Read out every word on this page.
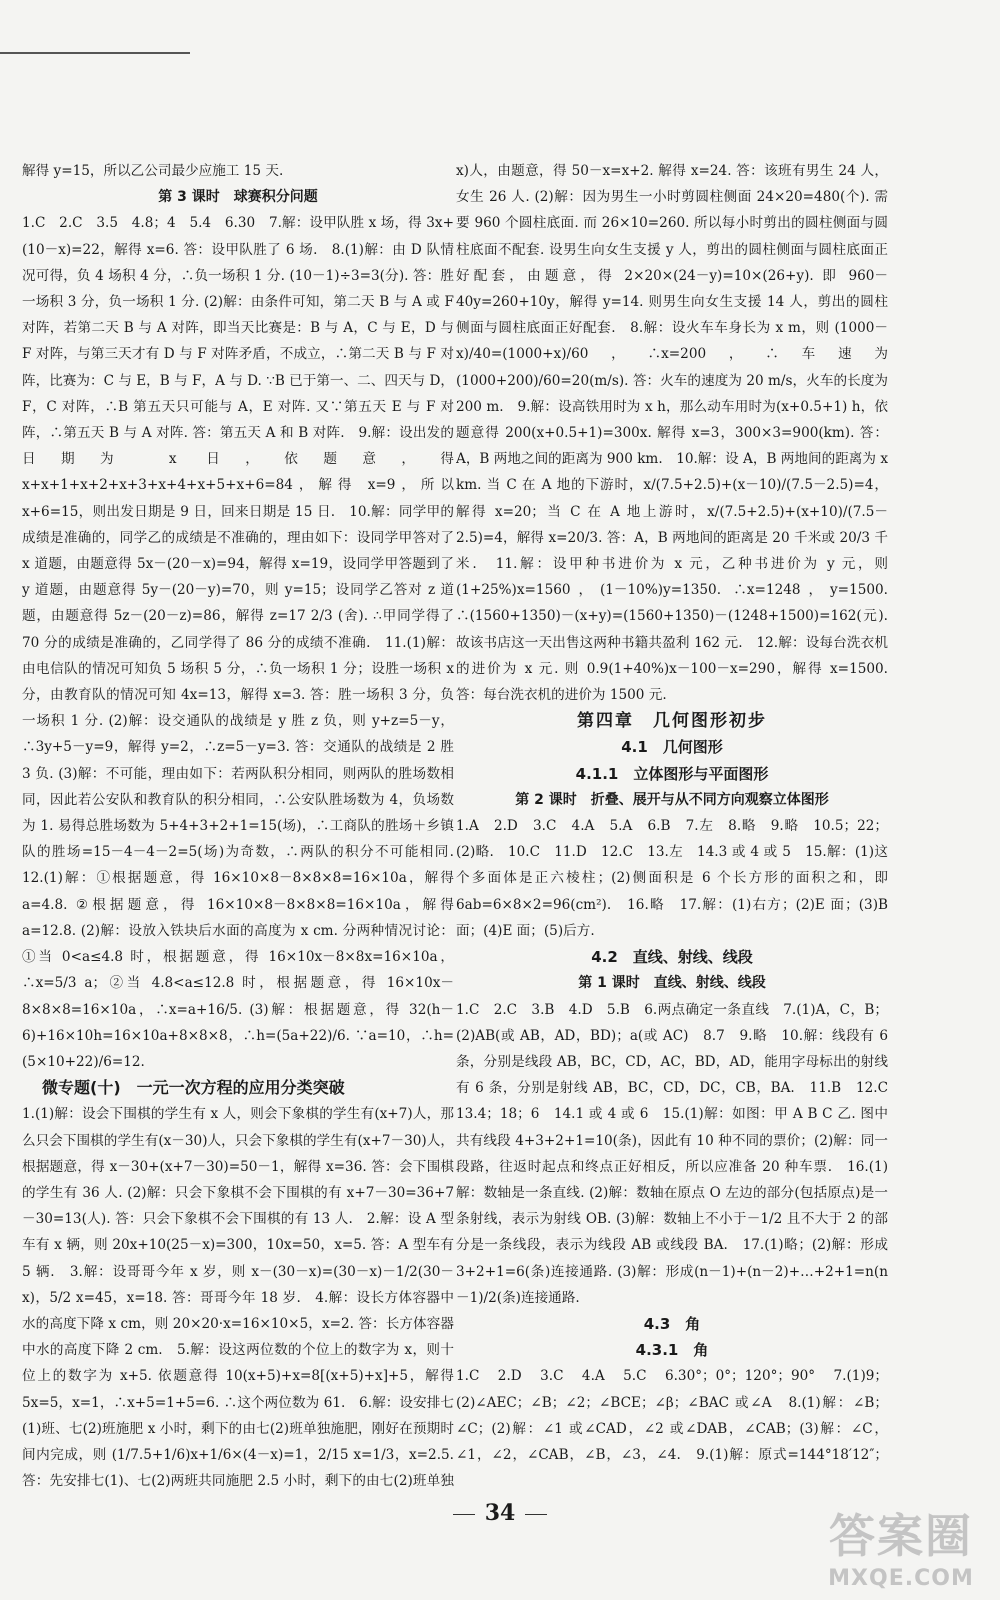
解得 y=15，所以乙公司最少应施工 15 天.

第 3 课时　球赛积分问题

1.C　2.C　3.5　4.8；4　5.4　6.30　7.解：设甲队胜 x 场，得 3x+(10－x)=22，解得 x=6. 答：设甲队胜了 6 场.　8.(1)解：由 D 队情况可得，负 4 场积 4 分，∴负一场积 1 分. (10－1)÷3=3(分). 答：胜一场积 3 分，负一场积 1 分. (2)解：由条件可知，第二天 B 与 A 或 F 对阵，若第二天 B 与 A 对阵，即当天比赛是：B 与 A，C 与 E，D 与 F 对阵，与第三天才有 D 与 F 对阵矛盾，不成立，∴第二天 B 与 F 对阵，比赛为：C 与 E，B 与 F，A 与 D. ∵B 已于第一、二、四天与 D，F，C 对阵，∴B 第五天只可能与 A，E 对阵. 又∵第五天 E 与 F 对阵，∴第五天 B 与 A 对阵. 答：第五天 A 和 B 对阵.　9.解：设出发的日期为 x 日，依题意，得 x+x+1+x+2+x+3+x+4+x+5+x+6=84，解得 x=9，所以 x+6=15，则出发日期是 9 日，回来日期是 15 日.　10.解：同学甲的成绩是准确的，同学乙的成绩是不准确的，理由如下：设同学甲答对了 x 道题，由题意得 5x－(20－x)=94，解得 x=19，设同学甲答题到了 y 道题，由题意得 5y－(20－y)=70，则 y=15；设同学乙答对 z 道题，由题意得 5z－(20－z)=86，解得 z=17 2/3 (舍). ∴甲同学得了 70 分的成绩是准确的，乙同学得了 86 分的成绩不准确.　11.(1)解：由电信队的情况可知负 5 场积 5 分，∴负一场积 1 分；设胜一场积 x 分，由教育队的情况可知 4x=13，解得 x=3. 答：胜一场积 3 分，负一场积 1 分. (2)解：设交通队的战绩是 y 胜 z 负，则 y+z=5－y，∴3y+5－y=9，解得 y=2，∴z=5－y=3. 答：交通队的战绩是 2 胜 3 负. (3)解：不可能，理由如下：若两队积分相同，则两队的胜场数相同，因此若公安队和教育队的积分相同，∴公安队胜场数为 4，负场数为 1. 易得总胜场数为 5+4+3+2+1=15(场)，∴工商队的胜场＋乡镇队的胜场=15－4－4－2=5(场)为奇数，∴两队的积分不可能相同.　12.(1)解：①根据题意，得 16×10×8－8×8×8=16×10a，解得 a=4.8. ②根据题意，得 16×10×8－8×8×8=16×10a，解得 a=12.8. (2)解：设放入铁块后水面的高度为 x cm. 分两种情况讨论：①当 0<a≤4.8 时，根据题意，得 16×10x－8×8x=16×10a，∴x=5/3 a；②当 4.8<a≤12.8 时，根据题意，得 16×10x－8×8×8=16×10a，∴x=a+16/5. (3)解：根据题意，得 32(h－6)+16×10h=16×10a+8×8×8，∴h=(5a+22)/6. ∵a=10，∴h=(5×10+22)/6=12.

微专题(十)　一元一次方程的应用分类突破

1.(1)解：设会下围棋的学生有 x 人，则会下象棋的学生有(x+7)人，那么只会下围棋的学生有(x－30)人，只会下象棋的学生有(x+7－30)人，根据题意，得 x－30+(x+7－30)=50－1，解得 x=36. 答：会下围棋的学生有 36 人. (2)解：只会下象棋不会下围棋的有 x+7－30=36+7－30=13(人). 答：只会下象棋不会下围棋的有 13 人.　2.解：设 A 型车有 x 辆，则 20x+10(25－x)=300，10x=50，x=5. 答：A 型车有 5 辆.　3.解：设哥哥今年 x 岁，则 x－(30－x)=(30－x)－1/2(30－x)，5/2 x=45，x=18. 答：哥哥今年 18 岁.　4.解：设长方体容器中水的高度下降 x cm，则 20×20·x=16×10×5，x=2. 答：长方体容器中水的高度下降 2 cm.　5.解：设这两位数的个位上的数字为 x，则十位上的数字为 x+5. 依题意得 10(x+5)+x=8[(x+5)+x]+5，解得 5x=5，x=1，∴x+5=1+5=6. ∴这个两位数为 61.　6.解：设安排七(1)班、七(2)班施肥 x 小时，剩下的由七(2)班单独施肥，刚好在预期时间内完成，则 (1/7.5+1/6)x+1/6×(4－x)=1，2/15 x=1/3，x=2.5. 答：先安排七(1)、七(2)两班共同施肥 2.5 小时，剩下的由七(2)班单独 　

x)人，由题意，得 50－x=x+2. 解得 x=24. 答：该班有男生 24 人，女生 26 人. (2)解：因为男生一小时剪圆柱侧面 24×20=480(个). 需要 960 个圆柱底面. 而 26×10=260. 所以每小时剪出的圆柱侧面与圆柱底面不配套. 设男生向女生支援 y 人，剪出的圆柱侧面与圆柱底面正好配套，由题意，得 2×20×(24－y)=10×(26+y). 即 960－40y=260+10y，解得 y=14. 则男生向女生支援 14 人，剪出的圆柱侧面与圆柱底面正好配套.　8.解：设火车车身长为 x m，则 (1000－x)/40=(1000+x)/60，∴x=200，∴车速为 (1000+200)/60=20(m/s). 答：火车的速度为 20 m/s，火车的长度为 200 m.　9.解：设高铁用时为 x h，那么动车用时为(x+0.5+1) h，依题意得 200(x+0.5+1)=300x. 解得 x=3，300×3=900(km). 答：A，B 两地之间的距离为 900 km.　10.解：设 A，B 两地间的距离为 x km. 当 C 在 A 地的下游时，x/(7.5+2.5)+(x－10)/(7.5－2.5)=4，解得 x=20；当 C 在 A 地上游时，x/(7.5+2.5)+(x+10)/(7.5－2.5)=4，解得 x=20/3. 答：A，B 两地间的距离是 20 千米或 20/3 千米.　11.解：设甲种书进价为 x 元，乙种书进价为 y 元，则(1+25%)x=1560，(1－10%)y=1350. ∴x=1248，y=1500. ∴(1560+1350)－(x+y)=(1560+1350)－(1248+1500)=162(元). 故该书店这一天出售这两种书籍共盈利 162 元.　12.解：设每台洗衣机的进价为 x 元. 则 0.9(1+40%)x－100－x=290，解得 x=1500. 答：每台洗衣机的进价为 1500 元.

第四章　几何图形初步

4.1　几何图形

4.1.1　立体图形与平面图形

第 2 课时　折叠、展开与从不同方向观察立体图形

1.A　2.D　3.C　4.A　5.A　6.B　7.左　8.略　9.略　10.5；22；(2)略.　10.C　11.D　12.C　13.左　14.3 或 4 或 5　15.解：(1)这个多面体是正六棱柱；(2)侧面积是 6 个长方形的面积之和，即 6ab=6×8×2=96(cm²).　16.略　17.解：(1)右方；(2)E 面；(3)B 面；(4)E 面；(5)后方.

4.2　直线、射线、线段

第 1 课时　直线、射线、线段

1.C　2.C　3.B　4.D　5.B　6.两点确定一条直线　7.(1)A，C，B；(2)AB(或 AB，AD，BD)；a(或 AC)　8.7　9.略　10.解：线段有 6 条，分别是线段 AB，BC，CD，AC，BD，AD，能用字母标出的射线有 6 条，分别是射线 AB，BC，CD，DC，CB，BA.　11.B　12.C　13.4；18；6　14.1 或 4 或 6　15.(1)解：如图：甲 A B C 乙. 图中共有线段 4+3+2+1=10(条)，因此有 10 种不同的票价；(2)解：同一段路，往返时起点和终点正好相反，所以应准备 20 种车票.　16.(1)解：数轴是一条直线. (2)解：数轴在原点 O 左边的部分(包括原点)是一条射线，表示为射线 OB. (3)解：数轴上不小于－1/2 且不大于 2 的部分是一条线段，表示为线段 AB 或线段 BA.　17.(1)略；(2)解：形成 3+2+1=6(条)连接通路. (3)解：形成(n－1)+(n－2)+…+2+1=n(n－1)/2(条)连接通路.

4.3　角

4.3.1　角

1.C　2.D　3.C　4.A　5.C　6.30°；0°；120°；90°　7.(1)9；(2)∠AEC；∠B；∠2；∠BCE；∠β；∠BAC 或∠A　8.(1)解：∠B；∠C；(2)解：∠1 或∠CAD，∠2 或∠DAB，∠CAB；(3)解：∠C，∠1，∠2，∠CAB，∠B，∠3，∠4.　9.(1)解：原式=144°18′12″；　　　　　

34	答案圈
MXQE.COM
